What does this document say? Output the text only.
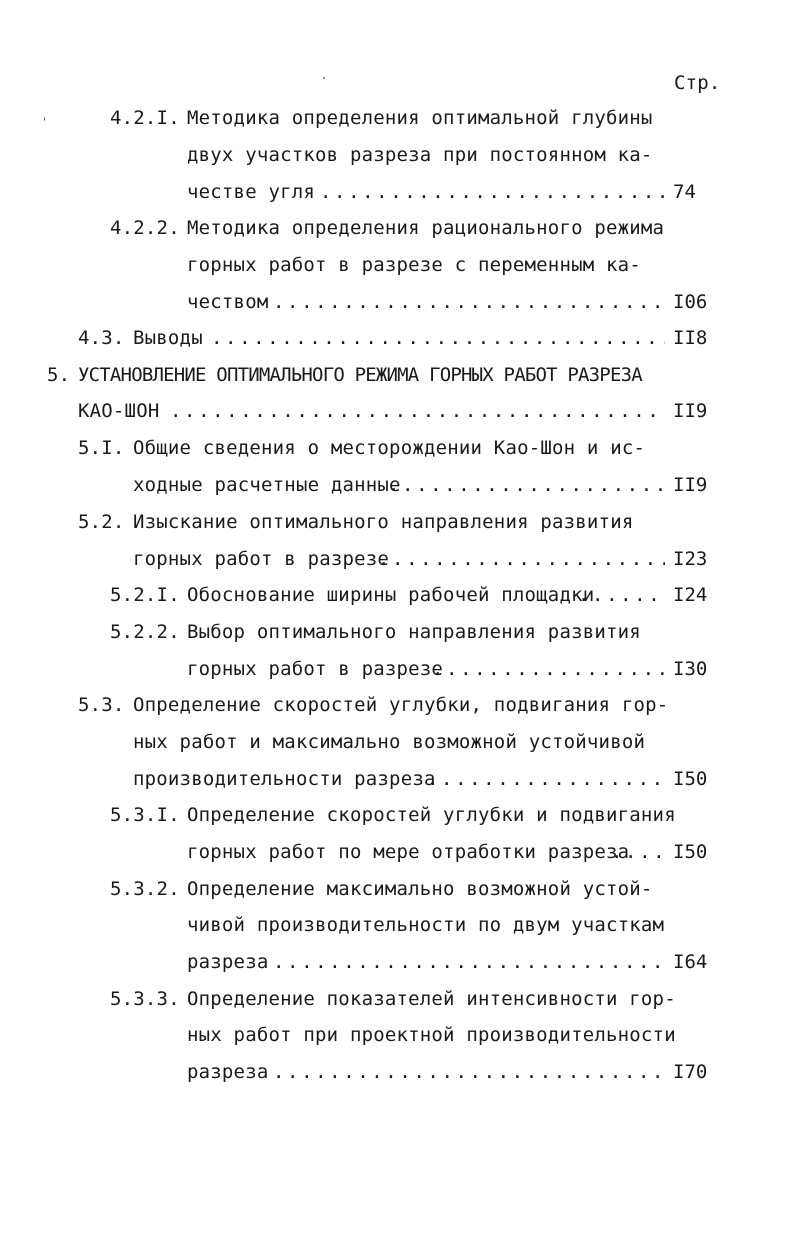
Стр.
4.2.I. Методика определения оптимальной глубины
двух участков разреза при постоянном ка-
честве угля .....	74
4.2.2. Методика определения рационального режима
горных работ в разрезе с переменным ка-
чеством .....	I06
4.3. Выводы .....	II8
5. УСТАНОВЛЕНИЕ ОПТИМАЛЬНОГО РЕЖИМА ГОРНЫХ РАБОТ РАЗРЕЗА
КАО-ШОН .....	II9
5.I. Общие сведения о месторождении Као-Шон и ис-
ходные расчетные данные .....	II9
5.2. Изыскание оптимального направления развития
горных работ в разрезе .....	I23
5.2.I. Обоснование ширины рабочей площадки .....	I24
5.2.2. Выбор оптимального направления развития
горных работ в разрезе .....	I30
5.3. Определение скоростей углубки, подвигания гор-
ных работ и максимально возможной устойчивой
производительности разреза .....	I50
5.3.I. Определение скоростей углубки и подвигания
горных работ по мере отработки разреза ..... I50
5.3.2. Определение максимально возможной устой-
чивой производительности по двум участкам
разреза .....	I64
5.3.3. Определение показателей интенсивности гор-
ных работ при проектной производительности
разреза .....	I70
